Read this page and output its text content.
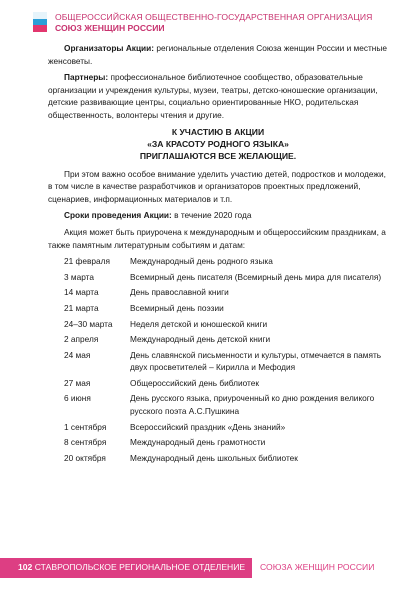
ОБЩЕРОССИЙСКАЯ ОБЩЕСТВЕННО-ГОСУДАРСТВЕННАЯ ОРГАНИЗАЦИЯ
СОЮЗ ЖЕНЩИН РОССИИ

Организаторы Акции: региональные отделения Союза женщин России и местные женсоветы.

Партнеры: профессиональное библиотечное сообщество, образовательные организации и учреждения культуры, музеи, театры, детско-юношеские организации, детские развивающие центры, социально ориентированные НКО, родительская общественность, волонтеры чтения и другие.

К УЧАСТИЮ В АКЦИИ
«ЗА КРАСОТУ РОДНОГО ЯЗЫКА»
ПРИГЛАШАЮТСЯ ВСЕ ЖЕЛАЮЩИЕ.

При этом важно особое внимание уделить участию детей, подростков и молодежи, в том числе в качестве разработчиков и организаторов проектных предложений, сценариев, информационных материалов и т.п.

Сроки проведения Акции: в течение 2020 года

Акция может быть приурочена к международным и общероссийским праздникам, а также памятным литературным событиям и датам:

21 февраля	Международный день родного языка
3 марта	Всемирный день писателя (Всемирный день мира для писателя)
14 марта	День православной книги
21 марта	Всемирный день поэзии
24–30 марта	Неделя детской и юношеской книги
2 апреля	Международный день детской книги
24 мая	День славянской письменности и культуры, отмечается в память двух просветителей – Кирилла и Мефодия
27 мая	Общероссийский день библиотек
6 июня	День русского языка, приуроченный ко дню рождения великого русского поэта А.С.Пушкина
1 сентября	Всероссийский праздник «День знаний»
8 сентября	Международный день грамотности
20 октября	Международный день школьных библиотек
102 СТАВРОПОЛЬСКОЕ РЕГИОНАЛЬНОЕ ОТДЕЛЕНИЕ СОЮЗА ЖЕНЩИН РОССИИ
